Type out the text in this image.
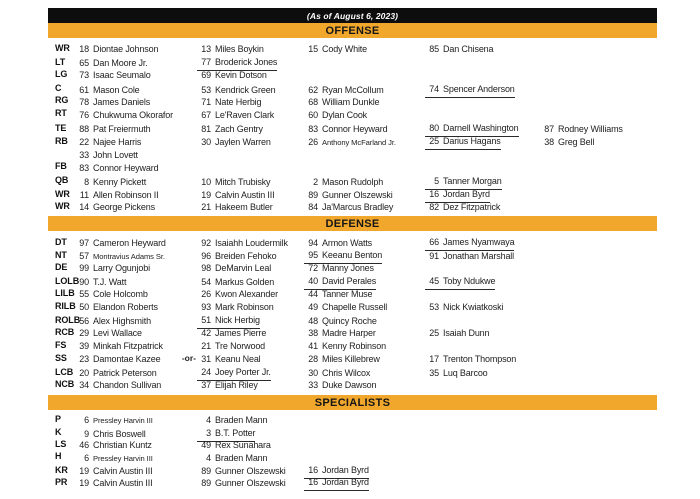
(As of August 6, 2023)
OFFENSE
WR	18 Diontae Johnson	13 Miles Boykin	15 Cody White	85 Dan Chisena
LT	65 Dan Moore Jr.	77 Broderick Jones
LG	73 Isaac Seumalo	69 Kevin Dotson
C	61 Mason Cole	53 Kendrick Green	62 Ryan McCollum	74 Spencer Anderson
RG	78 James Daniels	71 Nate Herbig	68 William Dunkle
RT	76 Chukwuma Okorafor	67 Le'Raven Clark	60 Dylan Cook
TE	88 Pat Freiermuth	81 Zach Gentry	83 Connor Heyward	80 Darnell Washington	87 Rodney Williams
RB	22 Najee Harris	30 Jaylen Warren	26 Anthony McFarland Jr.	25 Darius Hagans	38 Greg Bell
33 John Lovett
FB	83 Connor Heyward
QB	8 Kenny Pickett	10 Mitch Trubisky	2 Mason Rudolph	5 Tanner Morgan
WR	11 Allen Robinson II	19 Calvin Austin III	89 Gunner Olszewski	16 Jordan Byrd
WR	14 George Pickens	21 Hakeem Butler	84 Ja'Marcus Bradley	82 Dez Fitzpatrick
DEFENSE
DT	97 Cameron Heyward	92 Isaiahh Loudermilk	94 Armon Watts	66 James Nyamwaya
NT	57 Montravius Adams Sr.	96 Breiden Fehoko	95 Keeanu Benton	91 Jonathan Marshall
DE	99 Larry Ogunjobi	98 DeMarvin Leal	72 Manny Jones
LOLB 90 T.J. Watt	54 Markus Golden	40 David Perales	45 Toby Ndukwe
LILB 55 Cole Holcomb	26 Kwon Alexander	44 Tanner Muse
RILB 50 Elandon Roberts	93 Mark Robinson	49 Chapelle Russell	53 Nick Kwiatkoski
ROLB 56 Alex Highsmith	51 Nick Herbig	48 Quincy Roche
RCB 29 Levi Wallace	42 James Pierre	38 Madre Harper	25 Isaiah Dunn
FS	39 Minkah Fitzpatrick	21 Tre Norwood	41 Kenny Robinson
SS	23 Damontae Kazee	-or- 31 Keanu Neal	28 Miles Killebrew	17 Trenton Thompson
LCB 20 Patrick Peterson	24 Joey Porter Jr.	30 Chris Wilcox	35 Luq Barcoo
NCB 34 Chandon Sullivan	37 Elijah Riley	33 Duke Dawson
SPECIALISTS
P	6 Pressley Harvin III	4 Braden Mann
K	9 Chris Boswell	3 B.T. Potter
LS	46 Christian Kuntz	49 Rex Sunahara
H	6 Pressley Harvin III	4 Braden Mann
KR	19 Calvin Austin III	89 Gunner Olszewski	16 Jordan Byrd
PR	19 Calvin Austin III	89 Gunner Olszewski	16 Jordan Byrd
